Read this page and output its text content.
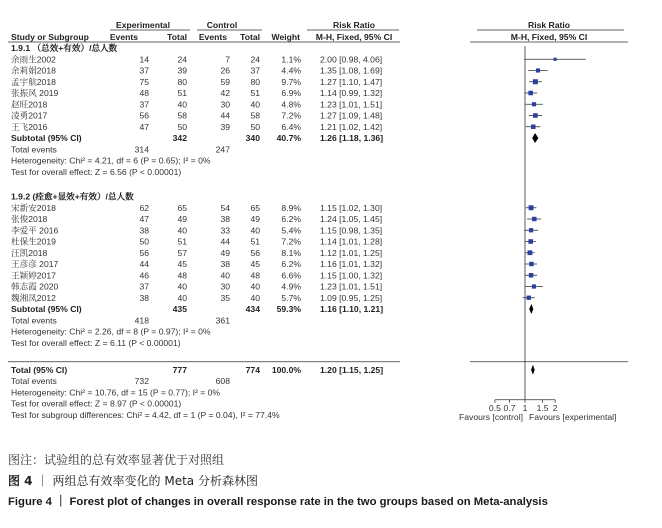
Experimental	Control	Risk Ratio	Risk Ratio
Study or Subgroup Events	Total Events Total Weight M-H, Fixed, 95% CI	M-H, Fixed, 95% CI
1.9.1 （总效+有效）/总人数
余雨生2002	14	24	7 24 1.1% 2.00 [0.98, 4.06]
余莉娟2018	37	39	26 37 4.4% 1.35 [1.08, 1.69]
孟宇航2018	75	80	59 80 9.7% 1.27 [1.10, 1.47]
张振风 2019	48	51	42 51 6.9% 1.14 [0.99, 1.32]
赵旺2018	37	40	30 40 4.8% 1.23 [1.01, 1.51]
凌勇2017	56	58	44 58 7.2% 1.27 [1.09, 1.48]
王飞2016	47	50	39 50 6.4% 1.21 [1.02, 1.42]
Subtotal (95% CI)	342	340 40.7% 1.26 [1.18, 1.36]
Total events	314	247
Heterogeneity: Chi² = 4.21, df = 6 (P = 0.65); I² = 0%
Test for overall effect: Z = 6.56 (P < 0.00001)
1.9.2 (痊愈+显效+有效）/总人数
宋新安2018	62	65	54 65 8.9% 1.15 [1.02, 1.30]
张俊2018	47	49	38 49 6.2% 1.24 [1.05, 1.45]
李爱平 2016	38	40	33 40 5.4% 1.15 [0.98, 1.35]
杜保生2019	50	51	44 51 7.2% 1.14 [1.01, 1.28]
汪凯2018	56	57	49 56 8.1% 1.12 [1.01, 1.25]
王彦彦 2017	44	45	38 45 6.2% 1.16 [1.01, 1.32]
王颖婷2017	46	48	40 48 6.6% 1.15 [1.00, 1.32]
韩志霞 2020	37	40	30 40 4.9% 1.23 [1.01, 1.51]
魏湘凤2012	38	40	35 40 5.7% 1.09 [0.95, 1.25]
Subtotal (95% CI)	435	434 59.3% 1.16 [1.10, 1.21]
Total events	418	361
Heterogeneity: Chi² = 2.26, df = 8 (P = 0.97); I² = 0%
Test for overall effect: Z = 6.11 (P < 0.00001)
Total (95% CI)	777	774 100.0% 1.20 [1.15, 1.25]
Total events	732	608
Heterogeneity: Chi² = 10.76, df = 15 (P = 0.77); I² = 0%
Test for overall effect: Z = 8.97 (P < 0.00001)
Test for subgroup differences: Chi² = 4.42, df = 1 (P = 0.04), I² = 77.4%
0.5 0.7 1 1.5 2
Favours [control] Favours [experimental]
图注：试验组的总有效率显著优于对照组
图 4 ｜ 两组总有效率变化的 Meta 分析森林图
Figure 4 ｜ Forest plot of changes in overall response rate in the two groups based on Meta-analysis
